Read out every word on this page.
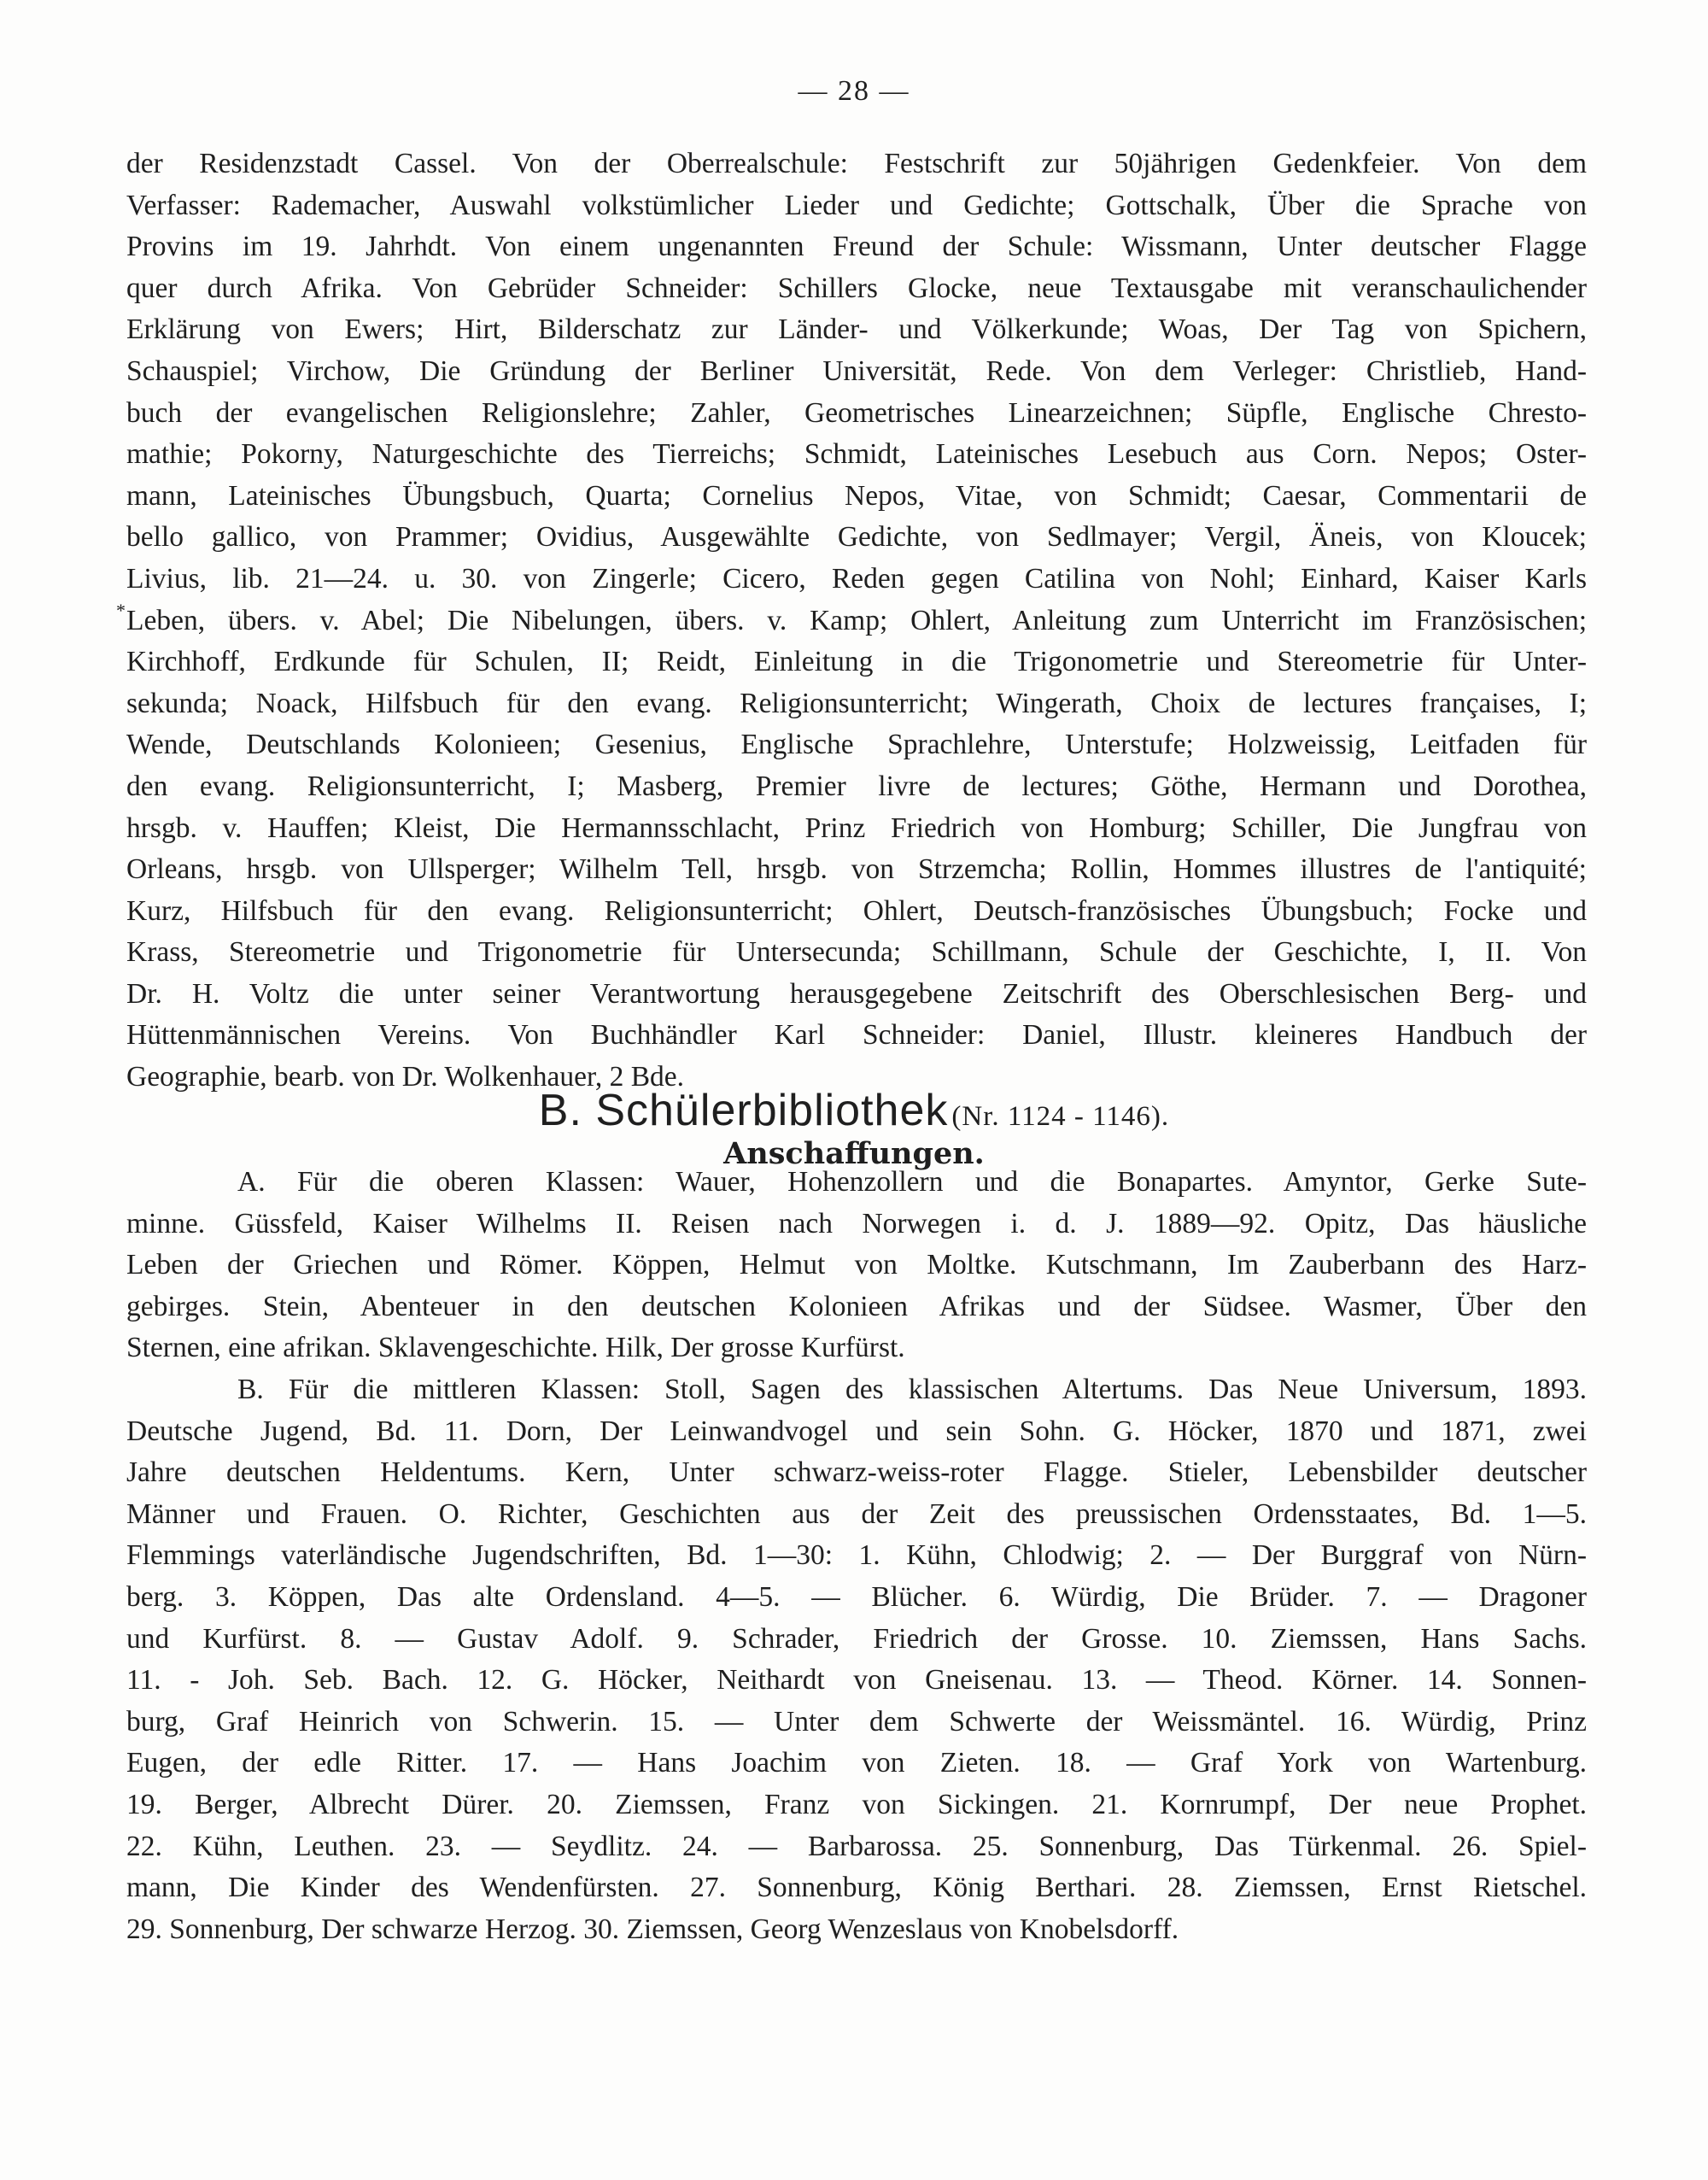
— 28 —
*
der Residenzstadt Cassel. Von der Oberrealschule: Festschrift zur 50jährigen Gedenkfeier. Von dem
Verfasser: Rademacher, Auswahl volkstümlicher Lieder und Gedichte; Gottschalk, Über die Sprache von
Provins im 19. Jahrhdt. Von einem ungenannten Freund der Schule: Wissmann, Unter deutscher Flagge
quer durch Afrika. Von Gebrüder Schneider: Schillers Glocke, neue Textausgabe mit veranschaulichender
Erklärung von Ewers; Hirt, Bilderschatz zur Länder- und Völkerkunde; Woas, Der Tag von Spichern,
Schauspiel; Virchow, Die Gründung der Berliner Universität, Rede. Von dem Verleger: Christlieb, Hand-
buch der evangelischen Religionslehre; Zahler, Geometrisches Linearzeichnen; Süpfle, Englische Chresto-
mathie; Pokorny, Naturgeschichte des Tierreichs; Schmidt, Lateinisches Lesebuch aus Corn. Nepos; Oster-
mann, Lateinisches Übungsbuch, Quarta; Cornelius Nepos, Vitae, von Schmidt; Caesar, Commentarii de
bello gallico, von Prammer; Ovidius, Ausgewählte Gedichte, von Sedlmayer; Vergil, Äneis, von Kloucek;
Livius, lib. 21—24. u. 30. von Zingerle; Cicero, Reden gegen Catilina von Nohl; Einhard, Kaiser Karls
Leben, übers. v. Abel; Die Nibelungen, übers. v. Kamp; Ohlert, Anleitung zum Unterricht im Französischen;
Kirchhoff, Erdkunde für Schulen, II; Reidt, Einleitung in die Trigonometrie und Stereometrie für Unter-
sekunda; Noack, Hilfsbuch für den evang. Religionsunterricht; Wingerath, Choix de lectures françaises, I;
Wende, Deutschlands Kolonieen; Gesenius, Englische Sprachlehre, Unterstufe; Holzweissig, Leitfaden für
den evang. Religionsunterricht, I; Masberg, Premier livre de lectures; Göthe, Hermann und Dorothea,
hrsgb. v. Hauffen; Kleist, Die Hermannsschlacht, Prinz Friedrich von Homburg; Schiller, Die Jungfrau von
Orleans, hrsgb. von Ullsperger; Wilhelm Tell, hrsgb. von Strzemcha; Rollin, Hommes illustres de l'antiquité;
Kurz, Hilfsbuch für den evang. Religionsunterricht; Ohlert, Deutsch-französisches Übungsbuch; Focke und
Krass, Stereometrie und Trigonometrie für Untersecunda; Schillmann, Schule der Geschichte, I, II. Von
Dr. H. Voltz die unter seiner Verantwortung herausgegebene Zeitschrift des Oberschlesischen Berg- und
Hüttenmännischen Vereins. Von Buchhändler Karl Schneider: Daniel, Illustr. kleineres Handbuch der
Geographie, bearb. von Dr. Wolkenhauer, 2 Bde.
B. Schülerbibliothek (Nr. 1124 - 1146).
Anschaffungen.
A. Für die oberen Klassen: Wauer, Hohenzollern und die Bonapartes. Amyntor, Gerke Sute-
minne. Güssfeld, Kaiser Wilhelms II. Reisen nach Norwegen i. d. J. 1889—92. Opitz, Das häusliche
Leben der Griechen und Römer. Köppen, Helmut von Moltke. Kutschmann, Im Zauberbann des Harz-
gebirges. Stein, Abenteuer in den deutschen Kolonieen Afrikas und der Südsee. Wasmer, Über den
Sternen, eine afrikan. Sklavengeschichte. Hilk, Der grosse Kurfürst.
B. Für die mittleren Klassen: Stoll, Sagen des klassischen Altertums. Das Neue Universum, 1893.
Deutsche Jugend, Bd. 11. Dorn, Der Leinwandvogel und sein Sohn. G. Höcker, 1870 und 1871, zwei
Jahre deutschen Heldentums. Kern, Unter schwarz-weiss-roter Flagge. Stieler, Lebensbilder deutscher
Männer und Frauen. O. Richter, Geschichten aus der Zeit des preussischen Ordensstaates, Bd. 1—5.
Flemmings vaterländische Jugendschriften, Bd. 1—30: 1. Kühn, Chlodwig; 2. — Der Burggraf von Nürn-
berg. 3. Köppen, Das alte Ordensland. 4—5. — Blücher. 6. Würdig, Die Brüder. 7. — Dragoner
und Kurfürst. 8. — Gustav Adolf. 9. Schrader, Friedrich der Grosse. 10. Ziemssen, Hans Sachs.
11. - Joh. Seb. Bach. 12. G. Höcker, Neithardt von Gneisenau. 13. — Theod. Körner. 14. Sonnen-
burg, Graf Heinrich von Schwerin. 15. — Unter dem Schwerte der Weissmäntel. 16. Würdig, Prinz
Eugen, der edle Ritter. 17. — Hans Joachim von Zieten. 18. — Graf York von Wartenburg.
19. Berger, Albrecht Dürer. 20. Ziemssen, Franz von Sickingen. 21. Kornrumpf, Der neue Prophet.
22. Kühn, Leuthen. 23. — Seydlitz. 24. — Barbarossa. 25. Sonnenburg, Das Türkenmal. 26. Spiel-
mann, Die Kinder des Wendenfürsten. 27. Sonnenburg, König Berthari. 28. Ziemssen, Ernst Rietschel.
29. Sonnenburg, Der schwarze Herzog. 30. Ziemssen, Georg Wenzeslaus von Knobelsdorff.
